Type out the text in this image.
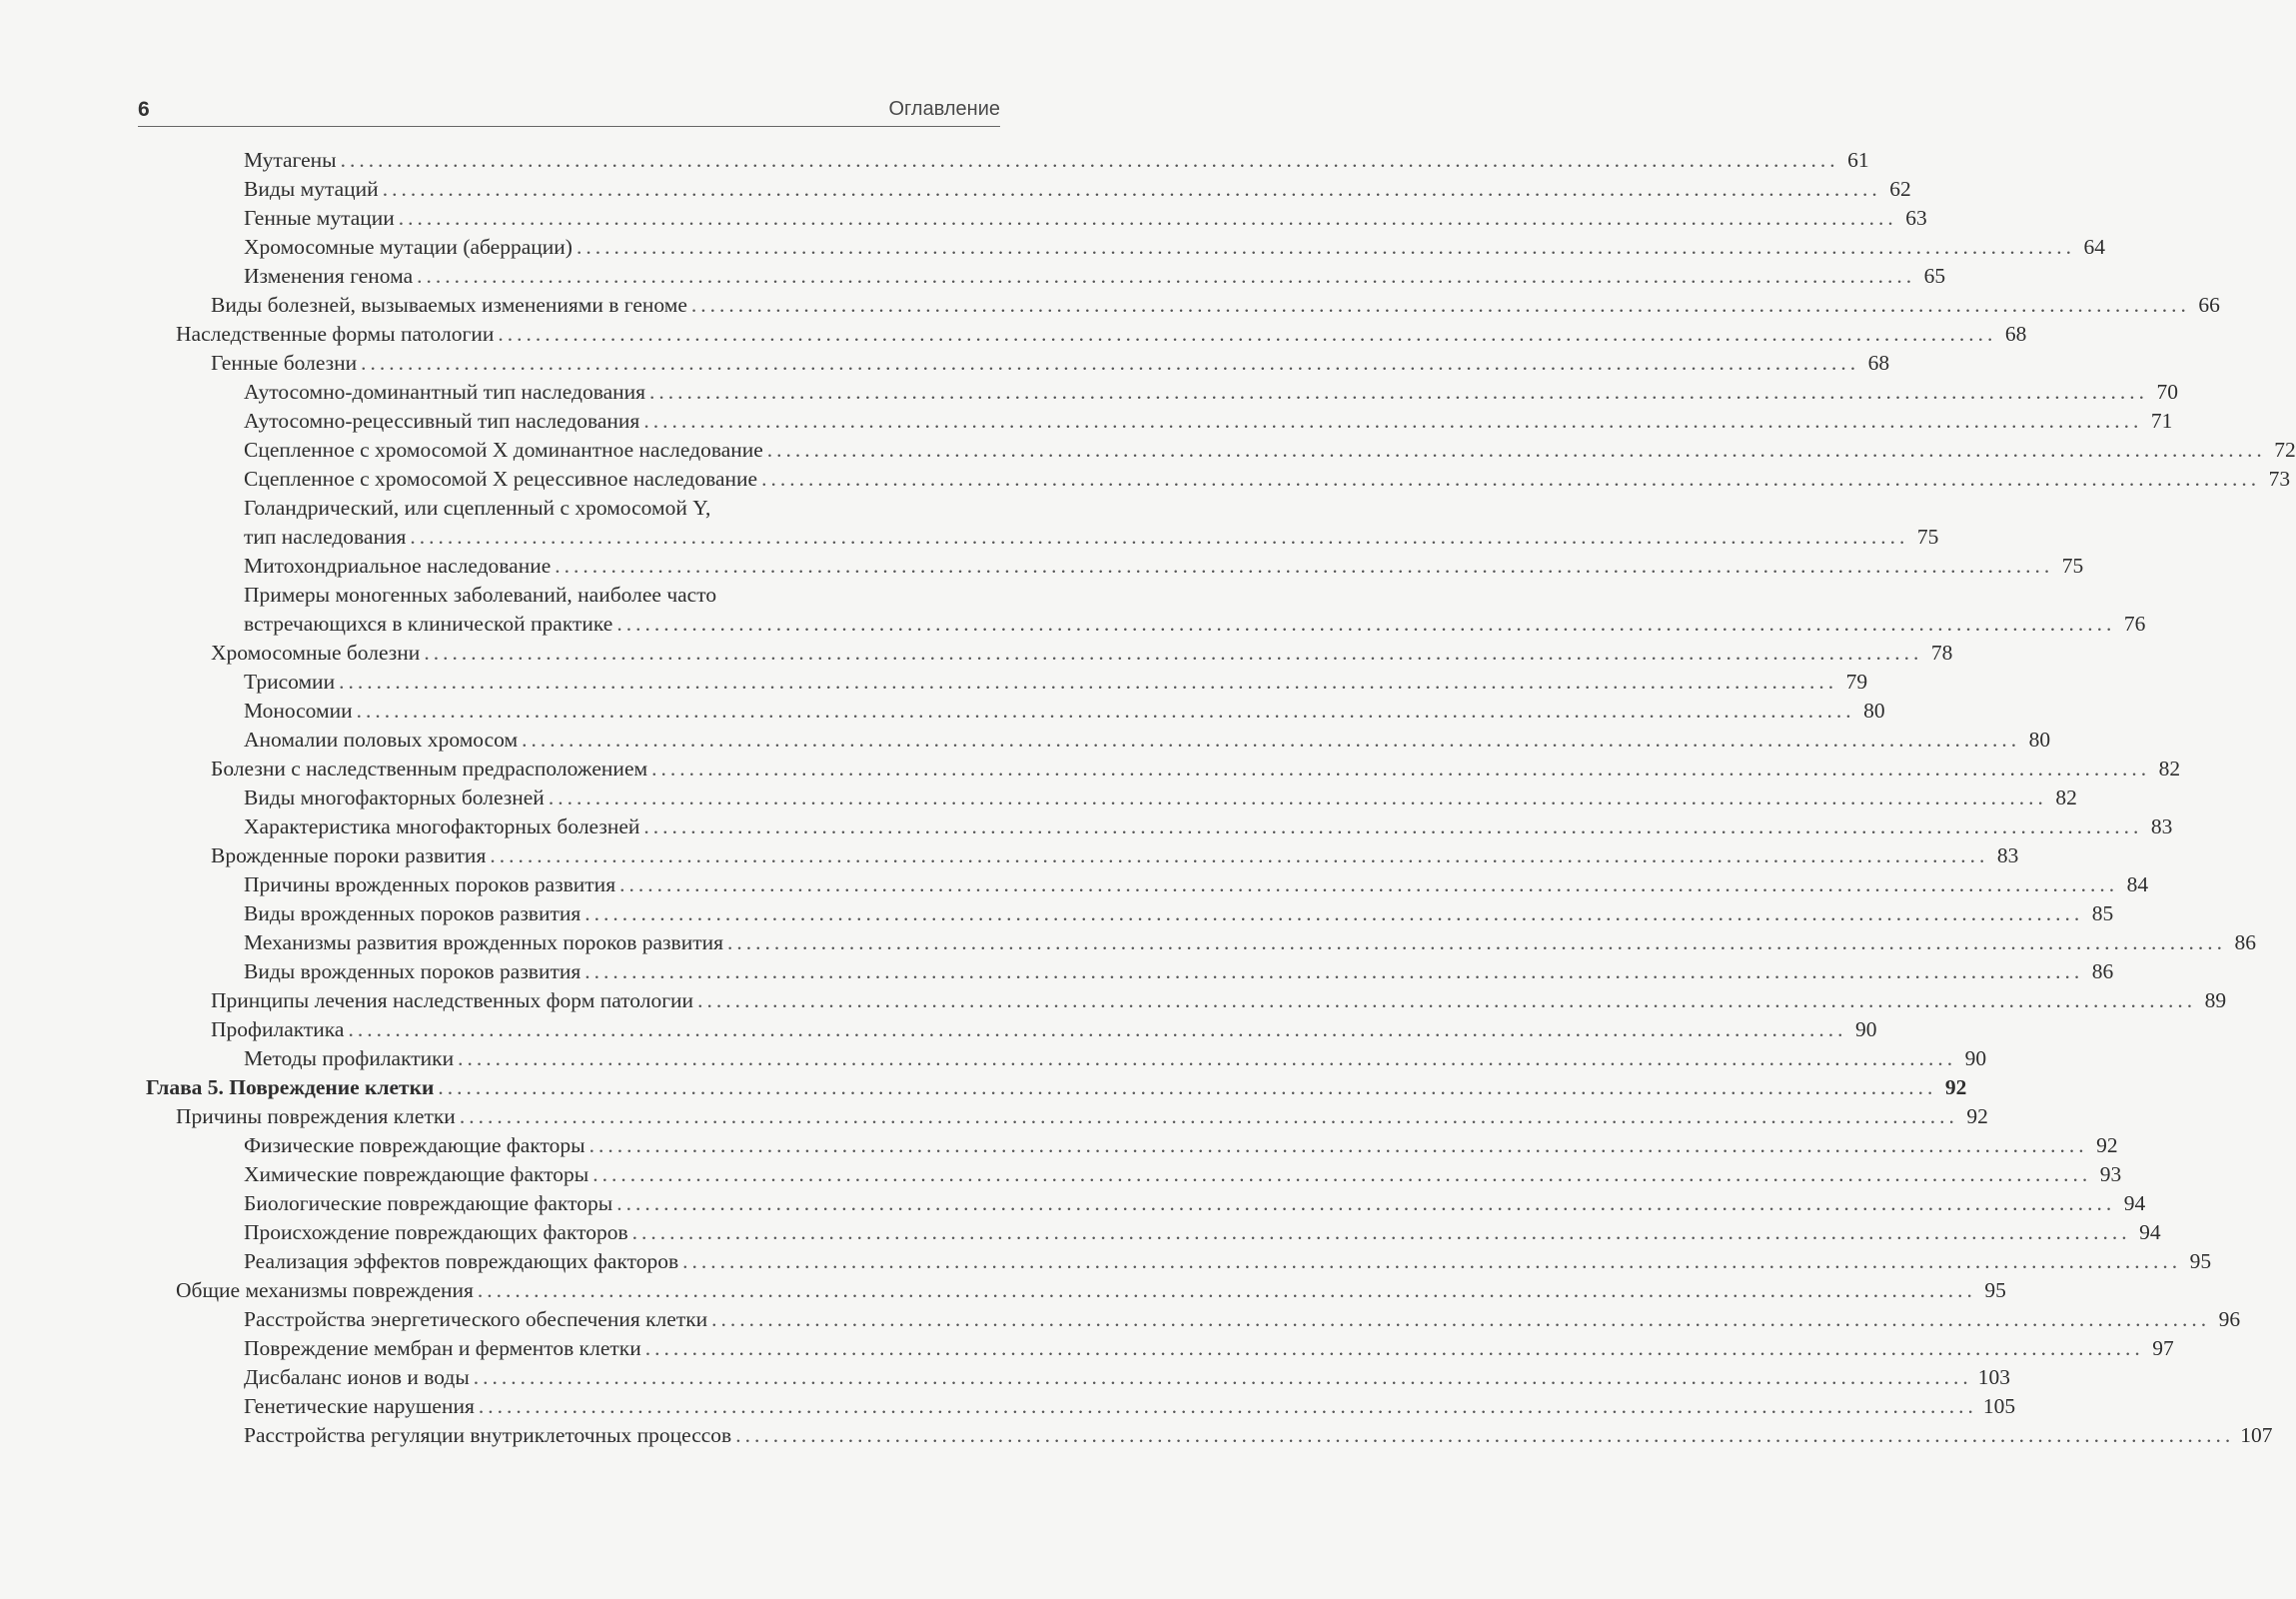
6	Оглавление
Мутагены ................................................................................................................................................................ 61
Виды мутаций ................................................................................................................................................................ 62
Генные мутации ................................................................................................................................................................ 63
Хромосомные мутации (аберрации) ................................................................................................................................................................ 64
Изменения генома ................................................................................................................................................................ 65
Виды болезней, вызываемых изменениями в геноме ................................................................................................................................................................ 66
Наследственные формы патологии ................................................................................................................................................................ 68
Генные болезни ................................................................................................................................................................ 68
Аутосомно-доминантный тип наследования ................................................................................................................................................................ 70
Аутосомно-рецессивный тип наследования ................................................................................................................................................................ 71
Сцепленное с хромосомой X доминантное наследование ................................................................................................................................................................ 72
Сцепленное с хромосомой X рецессивное наследование ................................................................................................................................................................ 73
Голандрический, или сцепленный с хромосомой Y,
тип наследования ................................................................................................................................................................ 75
Митохондриальное наследование ................................................................................................................................................................ 75
Примеры моногенных заболеваний, наиболее часто
встречающихся в клинической практике ................................................................................................................................................................ 76
Хромосомные болезни ................................................................................................................................................................ 78
Трисомии ................................................................................................................................................................ 79
Моносомии ................................................................................................................................................................ 80
Аномалии половых хромосом ................................................................................................................................................................ 80
Болезни с наследственным предрасположением ................................................................................................................................................................ 82
Виды многофакторных болезней ................................................................................................................................................................ 82
Характеристика многофакторных болезней ................................................................................................................................................................ 83
Врожденные пороки развития ................................................................................................................................................................ 83
Причины врожденных пороков развития ................................................................................................................................................................ 84
Виды врожденных пороков развития ................................................................................................................................................................ 85
Механизмы развития врожденных пороков развития ................................................................................................................................................................ 86
Виды врожденных пороков развития ................................................................................................................................................................ 86
Принципы лечения наследственных форм патологии ................................................................................................................................................................ 89
Профилактика ................................................................................................................................................................ 90
Методы профилактики ................................................................................................................................................................ 90
Глава 5. Повреждение клетки ................................................................................................................................................................ 92
Причины повреждения клетки ................................................................................................................................................................ 92
Физические повреждающие факторы ................................................................................................................................................................ 92
Химические повреждающие факторы ................................................................................................................................................................ 93
Биологические повреждающие факторы ................................................................................................................................................................ 94
Происхождение повреждающих факторов ................................................................................................................................................................ 94
Реализация эффектов повреждающих факторов ................................................................................................................................................................ 95
Общие механизмы повреждения ................................................................................................................................................................ 95
Расстройства энергетического обеспечения клетки ................................................................................................................................................................ 96
Повреждение мембран и ферментов клетки ................................................................................................................................................................ 97
Дисбаланс ионов и воды ................................................................................................................................................................ 103
Генетические нарушения ................................................................................................................................................................ 105
Расстройства регуляции внутриклеточных процессов ................................................................................................................................................................ 107
